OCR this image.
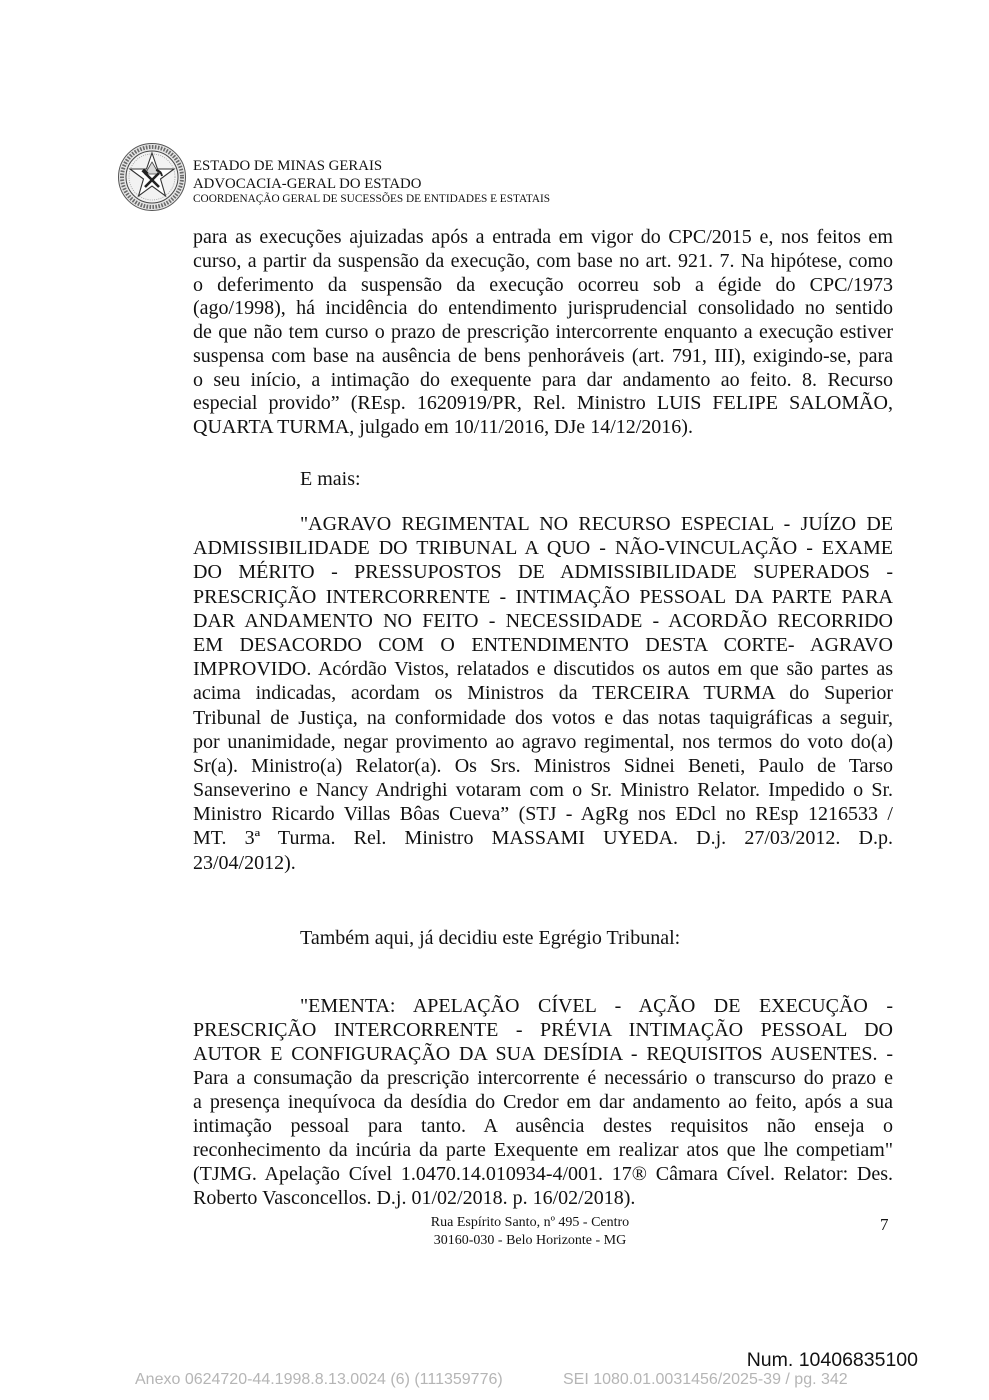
ESTADO DE MINAS GERAIS
ADVOCACIA-GERAL DO ESTADO
COORDENAÇÃO GERAL DE SUCESSÕES DE ENTIDADES E ESTATAIS
para as execuções ajuizadas após a entrada em vigor do CPC/2015 e, nos feitos em
curso, a partir da suspensão da execução, com base no art. 921. 7. Na hipótese, como
o deferimento da suspensão da execução ocorreu sob a égide do CPC/1973
(ago/1998), há incidência do entendimento jurisprudencial consolidado no sentido
de que não tem curso o prazo de prescrição intercorrente enquanto a execução estiver
suspensa com base na ausência de bens penhoráveis (art. 791, III), exigindo-se, para
o seu início, a intimação do exequente para dar andamento ao feito. 8. Recurso
especial provido” (REsp. 1620919/PR, Rel. Ministro LUIS FELIPE SALOMÃO,
QUARTA TURMA, julgado em 10/11/2016, DJe 14/12/2016).
E mais:
"AGRAVO REGIMENTAL NO RECURSO ESPECIAL - JUÍZO DE
ADMISSIBILIDADE DO TRIBUNAL A QUO - NÃO-VINCULAÇÃO - EXAME
DO MÉRITO - PRESSUPOSTOS DE ADMISSIBILIDADE SUPERADOS -
PRESCRIÇÃO INTERCORRENTE - INTIMAÇÃO PESSOAL DA PARTE PARA
DAR ANDAMENTO NO FEITO - NECESSIDADE - ACORDÃO RECORRIDO
EM DESACORDO COM O ENTENDIMENTO DESTA CORTE- AGRAVO
IMPROVIDO. Acórdão Vistos, relatados e discutidos os autos em que são partes as
acima indicadas, acordam os Ministros da TERCEIRA TURMA do Superior
Tribunal de Justiça, na conformidade dos votos e das notas taquigráficas a seguir,
por unanimidade, negar provimento ao agravo regimental, nos termos do voto do(a)
Sr(a). Ministro(a) Relator(a). Os Srs. Ministros Sidnei Beneti, Paulo de Tarso
Sanseverino e Nancy Andrighi votaram com o Sr. Ministro Relator. Impedido o Sr.
Ministro Ricardo Villas Bôas Cueva” (STJ - AgRg nos EDcl no REsp 1216533 /
MT. 3ª Turma. Rel. Ministro MASSAMI UYEDA. D.j. 27/03/2012. D.p.
23/04/2012).
Também aqui, já decidiu este Egrégio Tribunal:
"EMENTA: APELAÇÃO CÍVEL - AÇÃO DE EXECUÇÃO -
PRESCRIÇÃO INTERCORRENTE - PRÉVIA INTIMAÇÃO PESSOAL DO
AUTOR E CONFIGURAÇÃO DA SUA DESÍDIA - REQUISITOS AUSENTES. -
Para a consumação da prescrição intercorrente é necessário o transcurso do prazo e
a presença inequívoca da desídia do Credor em dar andamento ao feito, após a sua
intimação pessoal para tanto. A ausência destes requisitos não enseja o
reconhecimento da incúria da parte Exequente em realizar atos que lhe competiam"
(TJMG. Apelação Cível 1.0470.14.010934-4/001. 17® Câmara Cível. Relator: Des.
Roberto Vasconcellos. D.j. 01/02/2018. p. 16/02/2018).
Rua Espírito Santo, nº 495 - Centro
30160-030 - Belo Horizonte - MG
7
Num. 10406835100
Anexo 0624720-44.1998.8.13.0024 (6) (111359776)	SEI 1080.01.0031456/2025-39 / pg. 342
